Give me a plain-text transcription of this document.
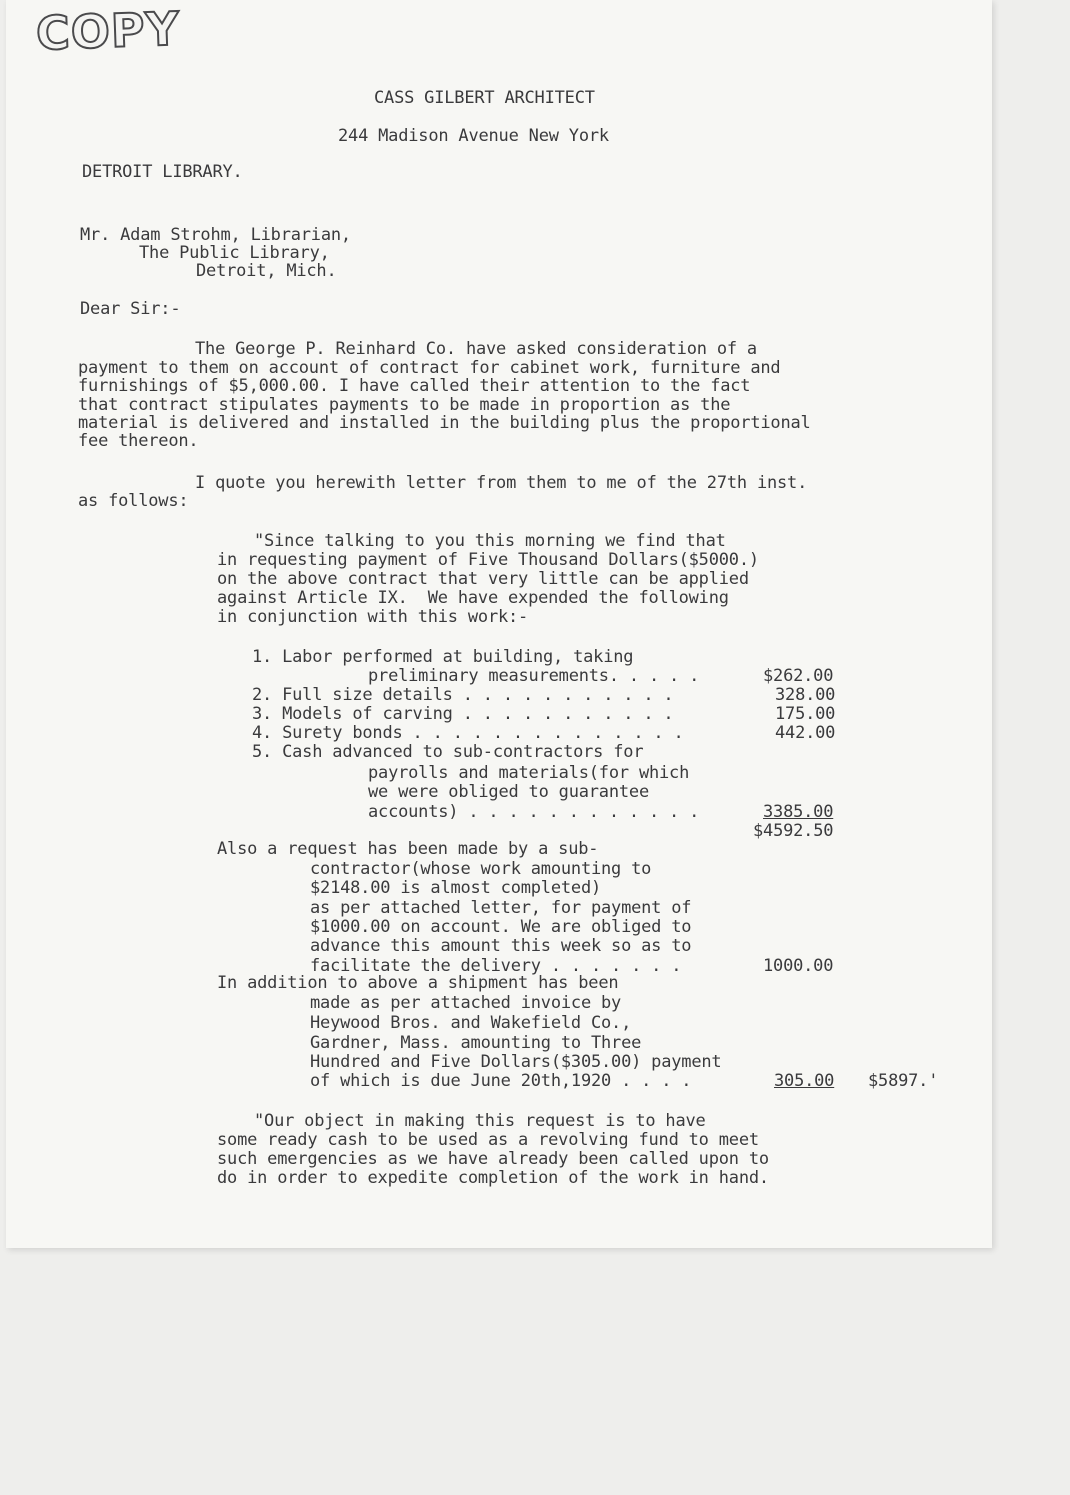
COPY
CASS GILBERT ARCHITECT
244 Madison Avenue New York
DETROIT LIBRARY.
Mr. Adam Strohm, Librarian,
The Public Library,
Detroit, Mich.
Dear Sir:-
The George P. Reinhard Co. have asked consideration of a
payment to them on account of contract for cabinet work, furniture and
furnishings of $5,000.00. I have called their attention to the fact
that contract stipulates payments to be made in proportion as the
material is delivered and installed in the building plus the proportional
fee thereon.
I quote you herewith letter from them to me of the 27th inst.
as follows:
"Since talking to you this morning we find that
in requesting payment of Five Thousand Dollars($5000.)
on the above contract that very little can be applied
against Article IX.  We have expended the following
in conjunction with this work:-
1. Labor performed at building, taking
preliminary measurements. . . . .	$262.00
2. Full size details . . . . . . . . . . .	328.00
3. Models of carving . . . . . . . . . . .	175.00
4. Surety bonds . . . . . . . . . . . . . .	442.00
5. Cash advanced to sub-contractors for
payrolls and materials(for which
we were obliged to guarantee
accounts) . . . . . . . . . . . .	3385.00
$4592.50
Also a request has been made by a sub-
contractor(whose work amounting to
$2148.00 is almost completed)
as per attached letter, for payment of
$1000.00 on account. We are obliged to
advance this amount this week so as to
facilitate the delivery . . . . . . .	1000.00
In addition to above a shipment has been
made as per attached invoice by
Heywood Bros. and Wakefield Co.,
Gardner, Mass. amounting to Three
Hundred and Five Dollars($305.00) payment
of which is due June 20th,1920 . . . .	305.00 $5897.'
"Our object in making this request is to have
some ready cash to be used as a revolving fund to meet
such emergencies as we have already been called upon to
do in order to expedite completion of the work in hand.
